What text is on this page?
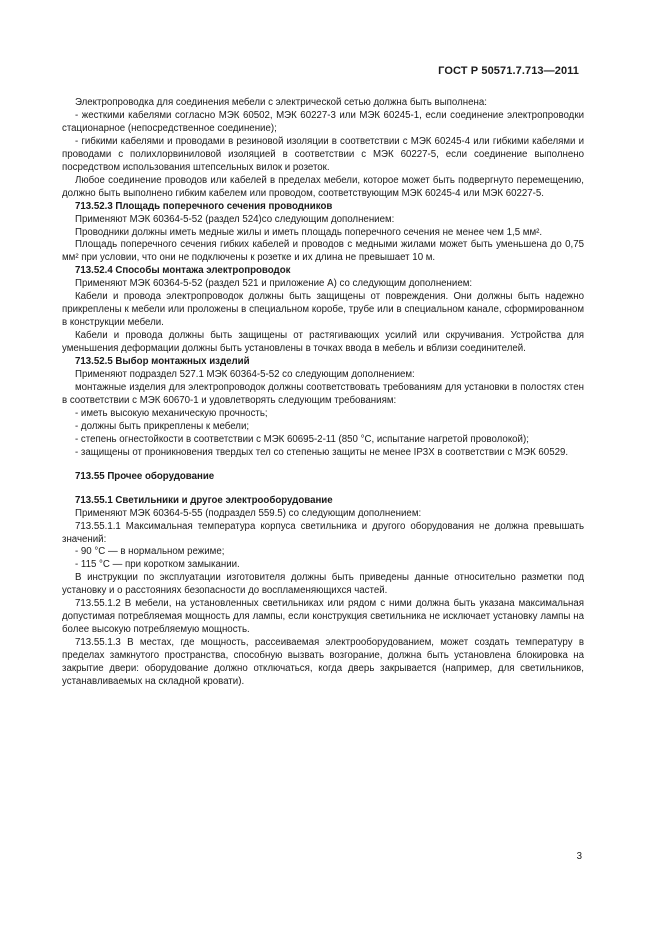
ГОСТ Р 50571.7.713—2011

Электропроводка для соединения мебели с электрической сетью должна быть выполнена:

- жесткими кабелями согласно МЭК 60502, МЭК 60227-3 или МЭК 60245-1, если соединение электропроводки стационарное (непосредственное соединение);

- гибкими кабелями и проводами в резиновой изоляции в соответствии с МЭК 60245-4 или гибкими кабелями и проводами с полихлорвиниловой изоляцией в соответствии с МЭК 60227-5, если соединение выполнено посредством использования штепсельных вилок и розеток.

Любое соединение проводов или кабелей в пределах мебели, которое может быть подвергнуто перемещению, должно быть выполнено гибким кабелем или проводом, соответствующим МЭК 60245-4 или МЭК 60227-5.

713.52.3 Площадь поперечного сечения проводников

Применяют МЭК 60364-5-52 (раздел 524)со следующим дополнением:

Проводники должны иметь медные жилы и иметь площадь поперечного сечения не менее чем 1,5 мм².

Площадь поперечного сечения гибких кабелей и проводов с медными жилами может быть уменьшена до 0,75 мм² при условии, что они не подключены к розетке и их длина не превышает 10 м.

713.52.4 Способы монтажа электропроводок

Применяют МЭК 60364-5-52 (раздел 521 и приложение А) со следующим дополнением:

Кабели и провода электропроводок должны быть защищены от повреждения. Они должны быть надежно прикреплены к мебели или проложены в специальном коробе, трубе или в специальном канале, сформированном в конструкции мебели.

Кабели и провода должны быть защищены от растягивающих усилий или скручивания. Устройства для уменьшения деформации должны быть установлены в точках ввода в мебель и вблизи соединителей.

713.52.5 Выбор монтажных изделий

Применяют подраздел 527.1 МЭК 60364-5-52 со следующим дополнением:

монтажные изделия для электропроводок должны соответствовать требованиям для установки в полостях стен в соответствии с МЭК 60670-1 и удовлетворять следующим требованиям:

- иметь высокую механическую прочность;

- должны быть прикреплены к мебели;

- степень огнестойкости в соответствии с МЭК 60695-2-11 (850 °С, испытание нагретой проволокой);

- защищены от проникновения твердых тел со степенью защиты не менее IP3X в соответствии с МЭК 60529.

713.55 Прочее оборудование
713.55.1 Светильники и другое электрооборудование

Применяют МЭК 60364-5-55 (подраздел 559.5) со следующим дополнением:

713.55.1.1 Максимальная температура корпуса светильника и другого оборудования не должна превышать значений:

- 90 °С — в нормальном режиме;

- 115 °С — при коротком замыкании.

В инструкции по эксплуатации изготовителя должны быть приведены данные относительно разметки под установку и о расстояниях безопасности до воспламеняющихся частей.

713.55.1.2 В мебели, на установленных светильниках или рядом с ними должна быть указана максимальная допустимая потребляемая мощность для лампы, если конструкция светильника не исключает установку лампы на более высокую потребляемую мощность.

713.55.1.3 В местах, где мощность, рассеиваемая электрооборудованием, может создать температуру в пределах замкнутого пространства, способную вызвать возгорание, должна быть установлена блокировка на закрытие двери: оборудование должно отключаться, когда дверь закрывается (например, для светильников, устанавливаемых на складной кровати).

3
